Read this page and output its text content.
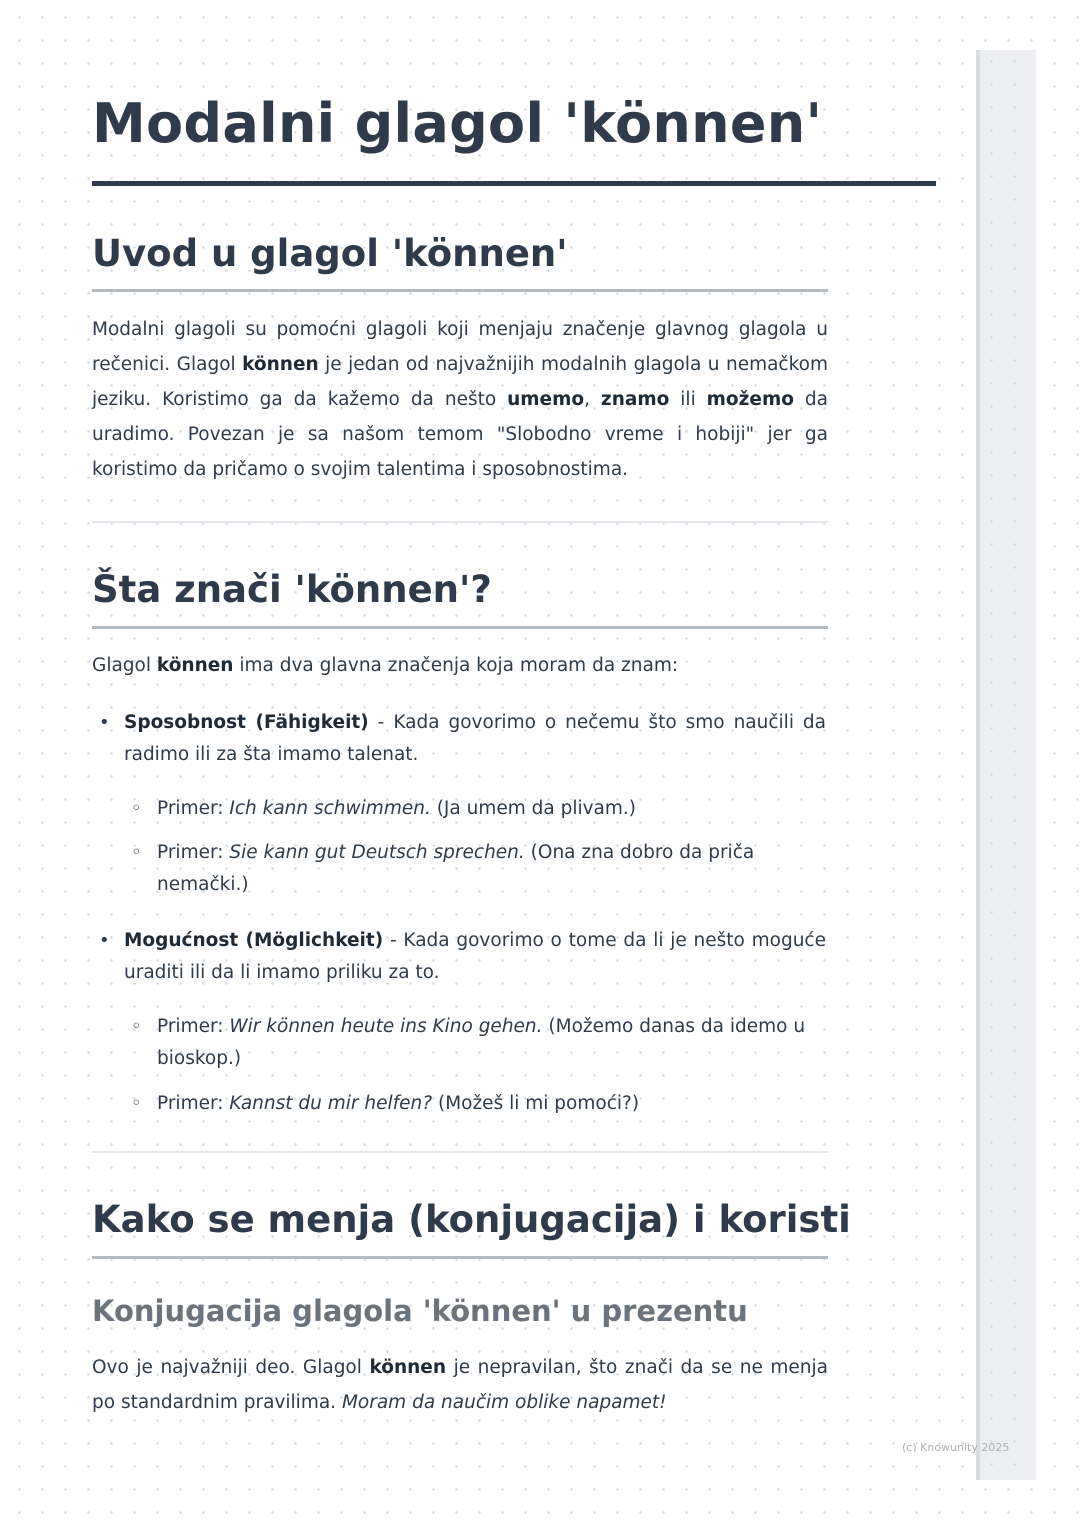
Modalni glagol 'können'
Uvod u glagol 'können'

Modalni glagoli su pomoćni glagoli koji menjaju značenje glavnog glagola u rečenici. Glagol können je jedan od najvažnijih modalnih glagola u nemačkom jeziku. Koristimo ga da kažemo da nešto umemo, znamo ili možemo da uradimo. Povezan je sa našom temom "Slobodno vreme i hobiji" jer ga koristimo da pričamo o svojim talentima i sposobnostima.

Šta znači 'können'?

Glagol können ima dva glavna značenja koja moram da znam:

• Sposobnost (Fähigkeit) - Kada govorimo o nečemu što smo naučili da radimo ili za šta imamo talenat.

◦ Primer: Ich kann schwimmen. (Ja umem da plivam.)

◦ Primer: Sie kann gut Deutsch sprechen. (Ona zna dobro da priča nemački.)

• Mogućnost (Möglichkeit) - Kada govorimo o tome da li je nešto moguće uraditi ili da li imamo priliku za to.

◦ Primer: Wir können heute ins Kino gehen. (Možemo danas da idemo u bioskop.)

◦ Primer: Kannst du mir helfen? (Možeš li mi pomoći?)

Kako se menja (konjugacija) i koristi
Konjugacija glagola 'können' u prezentu

Ovo je najvažniji deo. Glagol können je nepravilan, što znači da se ne menja po standardnim pravilima. Moram da naučim oblike napamet!

(c) Knowunity 2025
